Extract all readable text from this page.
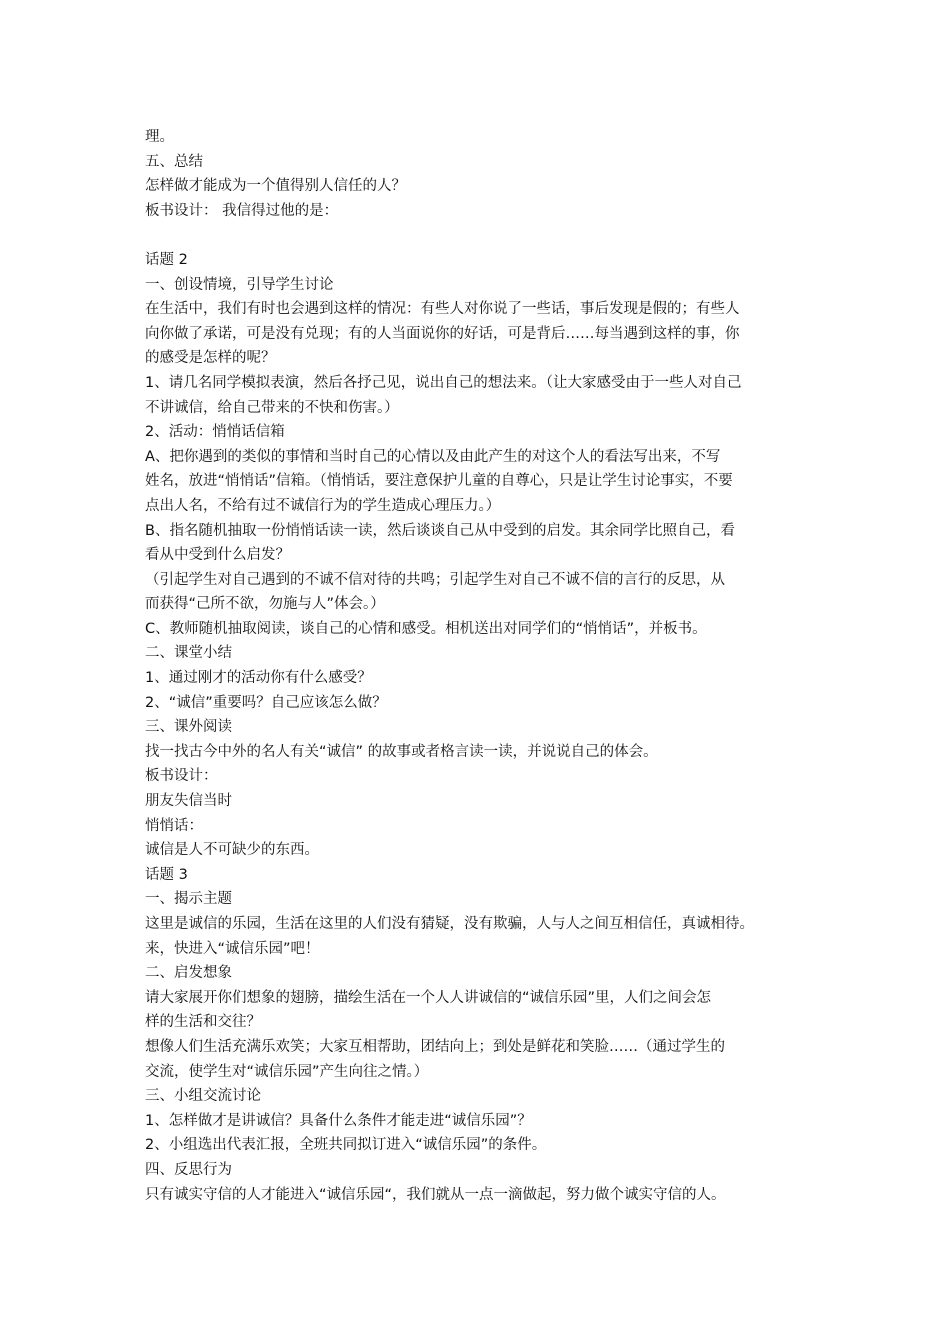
理。
五、总结
怎样做才能成为一个值得别人信任的人？
板书设计： 我信得过他的是：
话题 2
一、创设情境，引导学生讨论
在生活中，我们有时也会遇到这样的情况：有些人对你说了一些话，事后发现是假的；有些人
向你做了承诺，可是没有兑现；有的人当面说你的好话，可是背后……每当遇到这样的事，你
的感受是怎样的呢？
1、请几名同学模拟表演，然后各抒己见，说出自己的想法来。（让大家感受由于一些人对自己
不讲诚信，给自己带来的不快和伤害。）
2、活动：悄悄话信箱
A、把你遇到的类似的事情和当时自己的心情以及由此产生的对这个人的看法写出来，不写
姓名，放进“悄悄话”信箱。（悄悄话，要注意保护儿童的自尊心，只是让学生讨论事实，不要
点出人名，不给有过不诚信行为的学生造成心理压力。）
B、指名随机抽取一份悄悄话读一读，然后谈谈自己从中受到的启发。其余同学比照自己，看
看从中受到什么启发？
（引起学生对自己遇到的不诚不信对待的共鸣；引起学生对自己不诚不信的言行的反思，从
而获得“己所不欲，勿施与人”体会。）
C、教师随机抽取阅读，谈自己的心情和感受。相机送出对同学们的“悄悄话”，并板书。
二、课堂小结
1、通过刚才的活动你有什么感受？
2、“诚信”重要吗？自己应该怎么做？
三、课外阅读
找一找古今中外的名人有关“诚信” 的故事或者格言读一读，并说说自己的体会。
板书设计：
朋友失信当时
悄悄话：
诚信是人不可缺少的东西。
话题 3
一、揭示主题
这里是诚信的乐园，生活在这里的人们没有猜疑，没有欺骗，人与人之间互相信任，真诚相待。
来，快进入“诚信乐园”吧！
二、启发想象
请大家展开你们想象的翅膀，描绘生活在一个人人讲诚信的“诚信乐园”里，人们之间会怎
样的生活和交往？
想像人们生活充满乐欢笑；大家互相帮助，团结向上；到处是鲜花和笑脸……（通过学生的
交流，使学生对“诚信乐园”产生向往之情。）
三、小组交流讨论
1、怎样做才是讲诚信？具备什么条件才能走进“诚信乐园”？
2、小组选出代表汇报，全班共同拟订进入“诚信乐园”的条件。
四、反思行为
只有诚实守信的人才能进入“诚信乐园“，我们就从一点一滴做起，努力做个诚实守信的人。
